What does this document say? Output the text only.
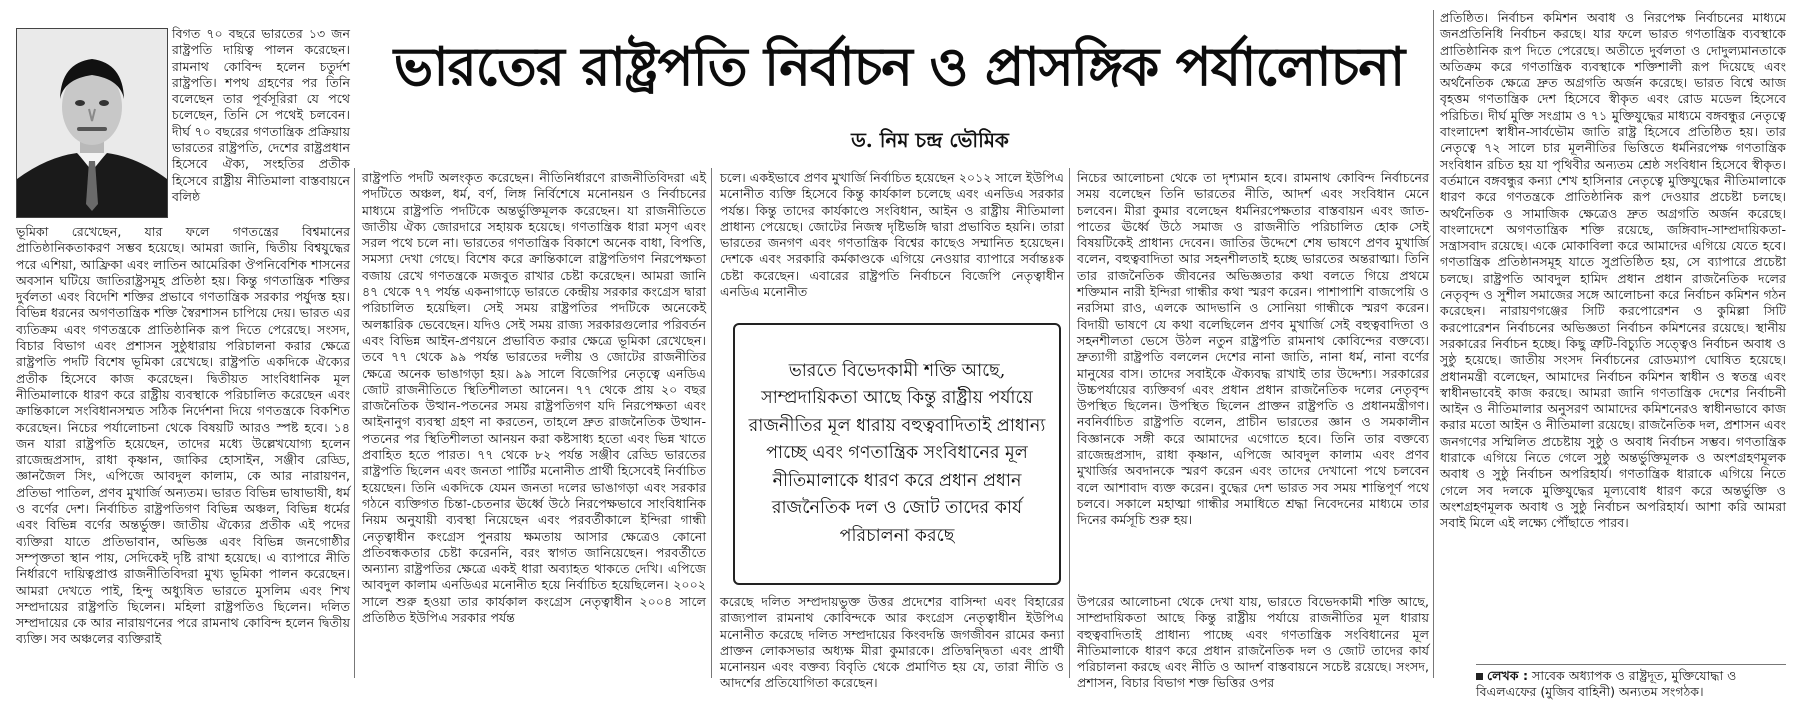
বিগত ৭০ বছরে ভারতের ১৩ জন রাষ্ট্রপতি দায়িত্ব পালন করেছেন। রামনাথ কোবিন্দ হলেন চতুর্দশ রাষ্ট্রপতি। শপথ গ্রহণের পর তিনি বলেছেন তার পূর্বসূরিরা যে পথে চলেছেন, তিনি সে পথেই চলবেন। দীর্ঘ ৭০ বছরের গণতান্ত্রিক প্রক্রিয়ায় ভারতের রাষ্ট্রপতি, দেশের রাষ্ট্রপ্রধান হিসেবে ঐক্য, সংহতির প্রতীক হিসেবে রাষ্ট্রীয় নীতিমালা বাস্তবায়নে বলিষ্ঠ

ভূমিকা রেখেছেন, যার ফলে গণতন্ত্রের বিশ্বমানের প্রাতিষ্ঠানিকতাকরণ সম্ভব হয়েছে। আমরা জানি, দ্বিতীয় বিশ্বযুদ্ধের পরে এশিয়া, আফ্রিকা এবং লাতিন আমেরিকা ঔপনিবেশিক শাসনের অবসান ঘটিয়ে জাতিরাষ্ট্রসমূহ প্রতিষ্ঠা হয়। কিন্তু গণতান্ত্রিক শক্তির দুর্বলতা এবং বিদেশি শক্তির প্রভাবে গণতান্ত্রিক সরকার পর্যুদস্ত হয়। বিভিন্ন ধরনের অগণতান্ত্রিক শক্তি স্বৈরশাসন চাপিয়ে দেয়। ভারত এর ব্যতিক্রম এবং গণতন্ত্রকে প্রাতিষ্ঠানিক রূপ দিতে পেরেছে। সংসদ, বিচার বিভাগ এবং প্রশাসন সুষ্ঠুধারায় পরিচালনা করার ক্ষেত্রে রাষ্ট্রপতি পদটি বিশেষ ভূমিকা রেখেছে। রাষ্ট্রপতি একদিকে ঐক্যের প্রতীক হিসেবে কাজ করেছেন। দ্বিতীয়ত সাংবিধানিক মূল নীতিমালাকে ধারণ করে রাষ্ট্রীয় ব্যবস্থাকে পরিচালিত করেছেন এবং ক্রান্তিকালে সংবিধানসম্মত সঠিক নির্দেশনা দিয়ে গণতন্ত্রকে বিকশিত করেছেন। নিচের পর্যালোচনা থেকে বিষয়টি আরও স্পষ্ট হবে। ১৪ জন যারা রাষ্ট্রপতি হয়েছেন, তাদের মধ্যে উল্লেখযোগ্য হলেন রাজেন্দ্রপ্রসাদ, রাধা কৃষ্ণান, জাকির হোসাইন, সঞ্জীব রেড্ডি, জ্ঞানজৈল সিং, এপিজে আবদুল কালাম, কে আর নারায়ণন, প্রতিভা পাতিল, প্রণব মুখার্জি অন্যতম। ভারত বিভিন্ন ভাষাভাষী, ধর্ম ও বর্ণের দেশ। নির্বাচিত রাষ্ট্রপতিগণ বিভিন্ন অঞ্চল, বিভিন্ন ধর্মের এবং বিভিন্ন বর্ণের অন্তর্ভুক্ত। জাতীয় ঐক্যের প্রতীক এই পদের ব্যক্তিরা যাতে প্রতিভাবান, অভিজ্ঞ এবং বিভিন্ন জনগোষ্ঠীর সম্পৃক্ততা স্থান পায়, সেদিকেই দৃষ্টি রাখা হয়েছে। এ ব্যাপারে নীতি নির্ধারণে দায়িত্বপ্রাপ্ত রাজনীতিবিদরা মুখ্য ভূমিকা পালন করেছেন। আমরা দেখতে পাই, হিন্দু অধ্যুষিত ভারতে মুসলিম এবং শিখ সম্প্রদায়ের রাষ্ট্রপতি ছিলেন। মহিলা রাষ্ট্রপতিও ছিলেন। দলিত সম্প্রদায়ের কে আর নারায়ণনের পরে রামনাথ কোবিন্দ হলেন দ্বিতীয় ব্যক্তি। সব অঞ্চলের ব্যক্তিরাই

ভারতের রাষ্ট্রপতি নির্বাচন ও প্রাসঙ্গিক পর্যালোচনা
ড. নিম চন্দ্র ভৌমিক

রাষ্ট্রপতি পদটি অলংকৃত করেছেন। নীতিনির্ধারণে রাজনীতিবিদরা এই পদটিতে অঞ্চল, ধর্ম, বর্ণ, লিঙ্গ নির্বিশেষে মনোনয়ন ও নির্বাচনের মাধ্যমে রাষ্ট্রপতি পদটিকে অন্তর্ভুক্তিমূলক করেছেন। যা রাজনীতিতে জাতীয় ঐক্য জোরদারে সহায়ক হয়েছে। গণতান্ত্রিক ধারা মসৃণ এবং সরল পথে চলে না। ভারতের গণতান্ত্রিক বিকাশে অনেক বাধা, বিপত্তি, সমস্যা দেখা গেছে। বিশেষ করে ক্রান্তিকালে রাষ্ট্রপতিগণ নিরপেক্ষতা বজায় রেখে গণতন্ত্রকে মজবুত রাখার চেষ্টা করেছেন। আমরা জানি ৪৭ থেকে ৭৭ পর্যন্ত একনাগাড়ে ভারতে কেন্দ্রীয় সরকার কংগ্রেস দ্বারা পরিচালিত হয়েছিল। সেই সময় রাষ্ট্রপতির পদটিকে অনেকেই অলঙ্কারিক ভেবেছেন। যদিও সেই সময় রাজ্য সরকারগুলোর পরিবর্তন এবং বিভিন্ন আইন-প্রণয়নে প্রভাবিত করার ক্ষেত্রে ভূমিকা রেখেছেন। তবে ৭৭ থেকে ৯৯ পর্যন্ত ভারতের দলীয় ও জোটের রাজনীতির ক্ষেত্রে অনেক ভাঙাগড়া হয়। ৯৯ সালে বিজেপির নেতৃত্বে এনডিএ জোট রাজনীতিতে স্থিতিশীলতা আনেন। ৭৭ থেকে প্রায় ২০ বছর রাজনৈতিক উত্থান-পতনের সময় রাষ্ট্রপতিগণ যদি নিরপেক্ষতা এবং আইনানুগ ব্যবস্থা গ্রহণ না করতেন, তাহলে দ্রুত রাজনৈতিক উত্থান-পতনের পর স্থিতিশীলতা আনয়ন করা কষ্টসাধ্য হতো এবং ভিন্ন খাতে প্রবাহিত হতে পারত। ৭৭ থেকে ৮২ পর্যন্ত সঞ্জীব রেড্ডি ভারতের রাষ্ট্রপতি ছিলেন এবং জনতা পার্টির মনোনীত প্রার্থী হিসেবেই নির্বাচিত হয়েছেন। তিনি একদিকে যেমন জনতা দলের ভাঙাগড়া এবং সরকার গঠনে ব্যক্তিগত চিন্তা-চেতনার ঊর্ধ্বে উঠে নিরপেক্ষভাবে সাংবিধানিক নিয়ম অনুযায়ী ব্যবস্থা নিয়েছেন এবং পরবর্তীকালে ইন্দিরা গান্ধী নেতৃত্বাধীন কংগ্রেস পুনরায় ক্ষমতায় আসার ক্ষেত্রেও কোনো প্রতিবন্ধকতার চেষ্টা করেননি, বরং স্বাগত জানিয়েছেন। পরবর্তীতে অন্যান্য রাষ্ট্রপতির ক্ষেত্রে একই ধারা অব্যাহত থাকতে দেখি। এপিজে আবদুল কালাম এনডিএর মনোনীত হয়ে নির্বাচিত হয়েছিলেন। ২০০২ সালে শুরু হওয়া তার কার্যকাল কংগ্রেস নেতৃত্বাধীন ২০০৪ সালে প্রতিষ্ঠিত ইউপিএ সরকার পর্যন্ত

চলে। একইভাবে প্রণব মুখার্জি নির্বাচিত হয়েছেন ২০১২ সালে ইউপিএ মনোনীত ব্যক্তি হিসেবে কিন্তু কার্যকাল চলেছে এবং এনডিএ সরকার পর্যন্ত। কিন্তু তাদের কার্যকাণ্ডে সংবিধান, আইন ও রাষ্ট্রীয় নীতিমালা প্রাধান্য পেয়েছে। জোটের নিজস্ব দৃষ্টিভঙ্গি দ্বারা প্রভাবিত হয়নি। তারা ভারতের জনগণ এবং গণতান্ত্রিক বিশ্বের কাছেও সম্মানিত হয়েছেন। দেশকে এবং সরকারি কর্মকাণ্ডকে এগিয়ে নেওয়ার ব্যাপারে সর্বান্তঃক চেষ্টা করেছেন। এবারের রাষ্ট্রপতি নির্বাচনে বিজেপি নেতৃত্বাধীন এনডিএ মনোনীত

ভারতে বিভেদকামী শক্তি আছে, সাম্প্রদায়িকতা আছে কিন্তু রাষ্ট্রীয় পর্যায়ে রাজনীতির মূল ধারায় বহুত্ববাদিতাই প্রাধান্য পাচ্ছে এবং গণতান্ত্রিক সংবিধানের মূল নীতিমালাকে ধারণ করে প্রধান প্রধান রাজনৈতিক দল ও জোট তাদের কার্য পরিচালনা করছে

করেছে দলিত সম্প্রদায়ভুক্ত উত্তর প্রদেশের বাসিন্দা এবং বিহারের রাজ্যপাল রামনাথ কোবিন্দকে আর কংগ্রেস নেতৃত্বাধীন ইউপিএ মনোনীত করেছে দলিত সম্প্রদায়ের কিংবদন্তি জগজীবন রামের কন্যা প্রাক্তন লোকসভার অধ্যক্ষ মীরা কুমারকে। প্রতিদ্বন্দ্বিতা এবং প্রার্থী মনোনয়ন এবং বক্তব্য বিবৃতি থেকে প্রমাণিত হয় যে, তারা নীতি ও আদর্শের প্রতিযোগিতা করেছেন।

নিচের আলোচনা থেকে তা দৃশ্যমান হবে। রামনাথ কোবিন্দ নির্বাচনের সময় বলেছেন তিনি ভারতের নীতি, আদর্শ এবং সংবিধান মেনে চলবেন। মীরা কুমার বলেছেন ধর্মনিরপেক্ষতার বাস্তবায়ন এবং জাত-পাতের ঊর্ধ্বে উঠে সমাজ ও রাজনীতি পরিচালিত হোক সেই বিষয়টিকেই প্রাধান্য দেবেন। জাতির উদ্দেশে শেষ ভাষণে প্রণব মুখার্জি বলেন, বহুত্ববাদিতা আর সহনশীলতাই হচ্ছে ভারতের অন্তরাত্মা। তিনি তার রাজনৈতিক জীবনের অভিজ্ঞতার কথা বলতে গিয়ে প্রথমে শক্তিমান নারী ইন্দিরা গান্ধীর কথা স্মরণ করেন। পাশাপাশি বাজপেয়ি ও নরসিমা রাও, এলকে আদভানি ও সোনিয়া গান্ধীকে স্মরণ করেন। বিদায়ী ভাষণে যে কথা বলেছিলেন প্রণব মুখার্জি সেই বহুত্ববাদিতা ও সহনশীলতা ভেসে উঠল নতুন রাষ্ট্রপতি রামনাথ কোবিন্দের বক্তব্যে। দ্রুত্যাগী রাষ্ট্রপতি বললেন দেশের নানা জাতি, নানা ধর্ম, নানা বর্ণের মানুষের বাস। তাদের সবাইকে ঐক্যবদ্ধ রাখাই তার উদ্দেশ্য। সরকারের উচ্চপর্যায়ের ব্যক্তিবর্গ এবং প্রধান প্রধান রাজনৈতিক দলের নেতৃবৃন্দ উপস্থিত ছিলেন। উপস্থিত ছিলেন প্রাক্তন রাষ্ট্রপতি ও প্রধানমন্ত্রীগণ। নবনির্বাচিত রাষ্ট্রপতি বলেন, প্রাচীন ভারতের জ্ঞান ও সমকালীন বিজ্ঞানকে সঙ্গী করে আমাদের এগোতে হবে। তিনি তার বক্তব্যে রাজেন্দ্রপ্রসাদ, রাধা কৃষ্ণান, এপিজে আবদুল কালাম এবং প্রণব মুখার্জির অবদানকে স্মরণ করেন এবং তাদের দেখানো পথে চলবেন বলে আশাবাদ ব্যক্ত করেন। বুদ্ধের দেশ ভারত সব সময় শান্তিপূর্ণ পথে চলবে। সকালে মহাত্মা গান্ধীর সমাধিতে শ্রদ্ধা নিবেদনের মাধ্যমে তার দিনের কর্মসূচি শুরু হয়।

উপরের আলোচনা থেকে দেখা যায়, ভারতে বিভেদকামী শক্তি আছে, সাম্প্রদায়িকতা আছে কিন্তু রাষ্ট্রীয় পর্যায়ে রাজনীতির মূল ধারায় বহুত্ববাদিতাই প্রাধান্য পাচ্ছে এবং গণতান্ত্রিক সংবিধানের মূল নীতিমালাকে ধারণ করে প্রধান রাজনৈতিক দল ও জোট তাদের কার্য পরিচালনা করছে এবং নীতি ও আদর্শ বাস্তবায়নে সচেষ্ট রয়েছে। সংসদ, প্রশাসন, বিচার বিভাগ শক্ত ভিত্তির ওপর

প্রতিষ্ঠিত। নির্বাচন কমিশন অবাধ ও নিরপেক্ষ নির্বাচনের মাধ্যমে জনপ্রতিনিধি নির্বাচন করছে। যার ফলে ভারত গণতান্ত্রিক ব্যবস্থাকে প্রাতিষ্ঠানিক রূপ দিতে পেরেছে। অতীতে দুর্বলতা ও দোদুল্যমানতাকে অতিক্রম করে গণতান্ত্রিক ব্যবস্থাকে শক্তিশালী রূপ দিয়েছে এবং অর্থনৈতিক ক্ষেত্রে দ্রুত অগ্রগতি অর্জন করেছে। ভারত বিশ্বে আজ বৃহত্তম গণতান্ত্রিক দেশ হিসেবে স্বীকৃত এবং রোড মডেল হিসেবে পরিচিত। দীর্ঘ মুক্তি সংগ্রাম ও ৭১ মুক্তিযুদ্ধের মাধ্যমে বঙ্গবন্ধুর নেতৃত্বে বাংলাদেশ স্বাধীন-সার্বভৌম জাতি রাষ্ট্র হিসেবে প্রতিষ্ঠিত হয়। তার নেতৃত্বে ৭২ সালে চার মূলনীতির ভিত্তিতে ধর্মনিরপেক্ষ গণতান্ত্রিক সংবিধান রচিত হয় যা পৃথিবীর অন্যতম শ্রেষ্ঠ সংবিধান হিসেবে স্বীকৃত। বর্তমানে বঙ্গবন্ধুর কন্যা শেখ হাসিনার নেতৃত্বে মুক্তিযুদ্ধের নীতিমালাকে ধারণ করে গণতন্ত্রকে প্রাতিষ্ঠানিক রূপ দেওয়ার প্রচেষ্টা চলছে। অর্থনৈতিক ও সামাজিক ক্ষেত্রেও দ্রুত অগ্রগতি অর্জন করেছে। বাংলাদেশে অগণতান্ত্রিক শক্তি রয়েছে, জঙ্গিবাদ-সাম্প্রদায়িকতা-সন্ত্রাসবাদ রয়েছে। একে মোকাবিলা করে আমাদের এগিয়ে যেতে হবে। গণতান্ত্রিক প্রতিষ্ঠানসমূহ যাতে সুপ্রতিষ্ঠিত হয়, সে ব্যাপারে প্রচেষ্টা চলছে। রাষ্ট্রপতি আবদুল হামিদ প্রধান প্রধান রাজনৈতিক দলের নেতৃবৃন্দ ও সুশীল সমাজের সঙ্গে আলোচনা করে নির্বাচন কমিশন গঠন করেছেন। নারায়ণগঞ্জের সিটি করপোরেশন ও কুমিল্লা সিটি করপোরেশন নির্বাচনের অভিজ্ঞতা নির্বাচন কমিশনের রয়েছে। স্থানীয় সরকারের নির্বাচন হচ্ছে। কিছু ত্রুটি-বিচ্যুতি সত্ত্বেও নির্বাচন অবাধ ও সুষ্ঠু হয়েছে। জাতীয় সংসদ নির্বাচনের রোডম্যাপ ঘোষিত হয়েছে। প্রধানমন্ত্রী বলেছেন, আমাদের নির্বাচন কমিশন স্বাধীন ও স্বতন্ত্র এবং স্বাধীনভাবেই কাজ করছে। আমরা জানি গণতান্ত্রিক দেশের নির্বাচনী আইন ও নীতিমালার অনুসরণ আমাদের কমিশনেরও স্বাধীনভাবে কাজ করার মতো আইন ও নীতিমালা রয়েছে। রাজনৈতিক দল, প্রশাসন এবং জনগণের সম্মিলিত প্রচেষ্টায় সুষ্ঠু ও অবাধ নির্বাচন সম্ভব। গণতান্ত্রিক ধারাকে এগিয়ে নিতে গেলে সুষ্ঠু অন্তর্ভুক্তিমূলক ও অংশগ্রহণমূলক অবাধ ও সুষ্ঠু নির্বাচন অপরিহার্য। গণতান্ত্রিক ধারাকে এগিয়ে নিতে গেলে সব দলকে মুক্তিযুদ্ধের মূল্যবোধ ধারণ করে অন্তর্ভুক্তি ও অংশগ্রহণমূলক অবাধ ও সুষ্ঠু নির্বাচন অপরিহার্য। আশা করি আমরা সবাই মিলে এই লক্ষ্যে পৌঁছাতে পারব।

লেখক : সাবেক অধ্যাপক ও রাষ্ট্রদূত, মুক্তিযোদ্ধা ও বিএলএফের (মুজিব বাহিনী) অন্যতম সংগঠক।
